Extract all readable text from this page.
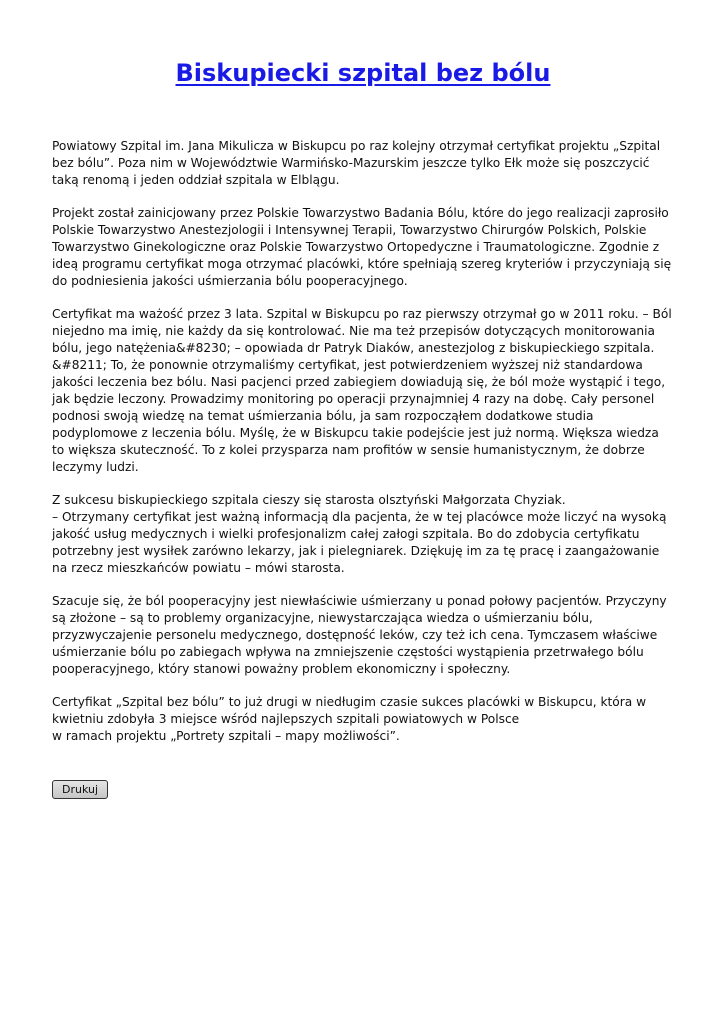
Biskupiecki szpital bez bólu

Powiatowy Szpital im. Jana Mikulicza w Biskupcu po raz kolejny otrzymał certyfikat projektu „Szpital bez bólu”. Poza nim w Województwie Warmińsko-Mazurskim jeszcze tylko Ełk może się poszczycić taką renomą i jeden oddział szpitala w Elblągu.

Projekt został zainicjowany przez Polskie Towarzystwo Badania Bólu, które do jego realizacji zaprosiło Polskie Towarzystwo Anestezjologii i Intensywnej Terapii, Towarzystwo Chirurgów Polskich, Polskie Towarzystwo Ginekologiczne oraz Polskie Towarzystwo Ortopedyczne i Traumatologiczne. Zgodnie z ideą programu certyfikat moga otrzymać placówki, które spełniają szereg kryteriów i przyczyniają się do podniesienia jakości uśmierzania bólu pooperacyjnego.

Certyfikat ma ważość przez 3 lata. Szpital w Biskupcu po raz pierwszy otrzymał go w 2011 roku. – Ból niejedno ma imię, nie każdy da się kontrolować. Nie ma też przepisów dotyczących monitorowania bólu, jego natężenia&#8230; – opowiada dr Patryk Diaków, anestezjolog z biskupieckiego szpitala. &#8211; To, że ponownie otrzymaliśmy certyfikat, jest potwierdzeniem wyższej niż standardowa jakości leczenia bez bólu. Nasi pacjenci przed zabiegiem dowiadują się, że ból może wystąpić i tego, jak będzie leczony. Prowadzimy monitoring po operacji przynajmniej 4 razy na dobę. Cały personel podnosi swoją wiedzę na temat uśmierzania bólu, ja sam rozpocząłem dodatkowe studia podyplomowe z leczenia bólu. Myślę, że w Biskupcu takie podejście jest już normą. Większa wiedza to większa skuteczność. To z kolei przysparza nam profitów w sensie humanistycznym, że dobrze leczymy ludzi.

Z sukcesu biskupieckiego szpitala cieszy się starosta olsztyński Małgorzata Chyziak.
– Otrzymany certyfikat jest ważną informacją dla pacjenta, że w tej placówce może liczyć na wysoką jakość usług medycznych i wielki profesjonalizm całej załogi szpitala. Bo do zdobycia certyfikatu potrzebny jest wysiłek zarówno lekarzy, jak i pielegniarek. Dziękuję im za tę pracę i zaangażowanie na rzecz mieszkańców powiatu – mówi starosta.

Szacuje się, że ból pooperacyjny jest niewłaściwie uśmierzany u ponad połowy pacjentów. Przyczyny są złożone – są to problemy organizacyjne, niewystarczająca wiedza o uśmierzaniu bólu, przyzwyczajenie personelu medycznego, dostępność leków, czy też ich cena. Tymczasem właściwe uśmierzanie bólu po zabiegach wpływa na zmniejszenie częstości wystąpienia przetrwałego bólu pooperacyjnego, który stanowi poważny problem ekonomiczny i społeczny.

Certyfikat „Szpital bez bólu” to już drugi w niedługim czasie sukces placówki w Biskupcu, która w kwietniu zdobyła 3 miejsce wśród najlepszych szpitali powiatowych w Polsce
w ramach projektu „Portrety szpitali – mapy możliwości”.

Drukuj
